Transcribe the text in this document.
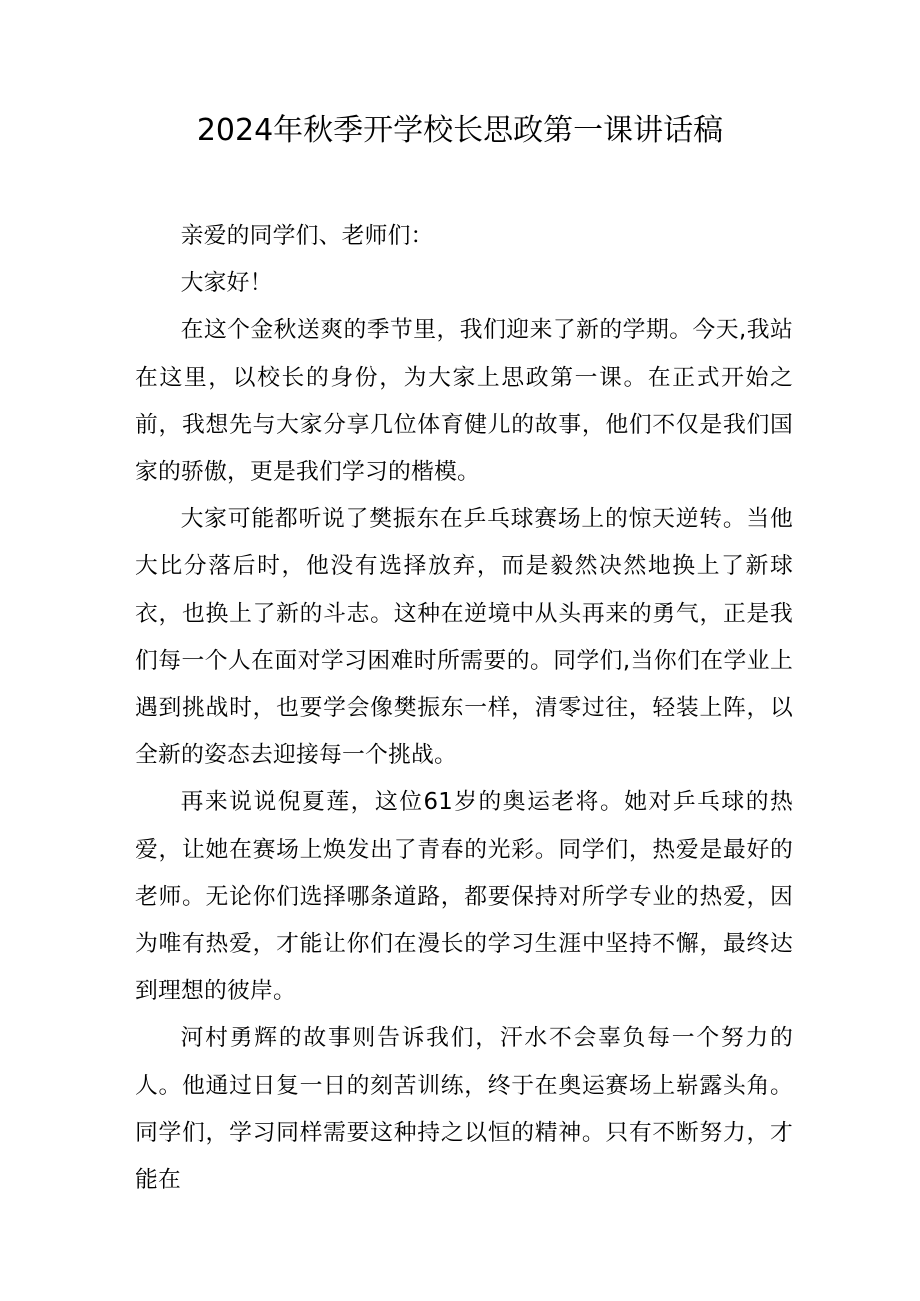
2024年秋季开学校长思政第一课讲话稿

亲爱的同学们、老师们：

大家好！

在这个金秋送爽的季节里，我们迎来了新的学期。今天,我站在这里，以校长的身份，为大家上思政第一课。在正式开始之前，我想先与大家分享几位体育健儿的故事，他们不仅是我们国家的骄傲，更是我们学习的楷模。

大家可能都听说了樊振东在乒乓球赛场上的惊天逆转。当他大比分落后时，他没有选择放弃，而是毅然决然地换上了新球衣，也换上了新的斗志。这种在逆境中从头再来的勇气，正是我们每一个人在面对学习困难时所需要的。同学们,当你们在学业上遇到挑战时，也要学会像樊振东一样，清零过往，轻装上阵，以全新的姿态去迎接每一个挑战。

再来说说倪夏莲，这位61岁的奥运老将。她对乒乓球的热爱，让她在赛场上焕发出了青春的光彩。同学们，热爱是最好的老师。无论你们选择哪条道路，都要保持对所学专业的热爱，因为唯有热爱，才能让你们在漫长的学习生涯中坚持不懈，最终达到理想的彼岸。

河村勇辉的故事则告诉我们，汗水不会辜负每一个努力的人。他通过日复一日的刻苦训练，终于在奥运赛场上崭露头角。同学们，学习同样需要这种持之以恒的精神。只有不断努力，才能在
